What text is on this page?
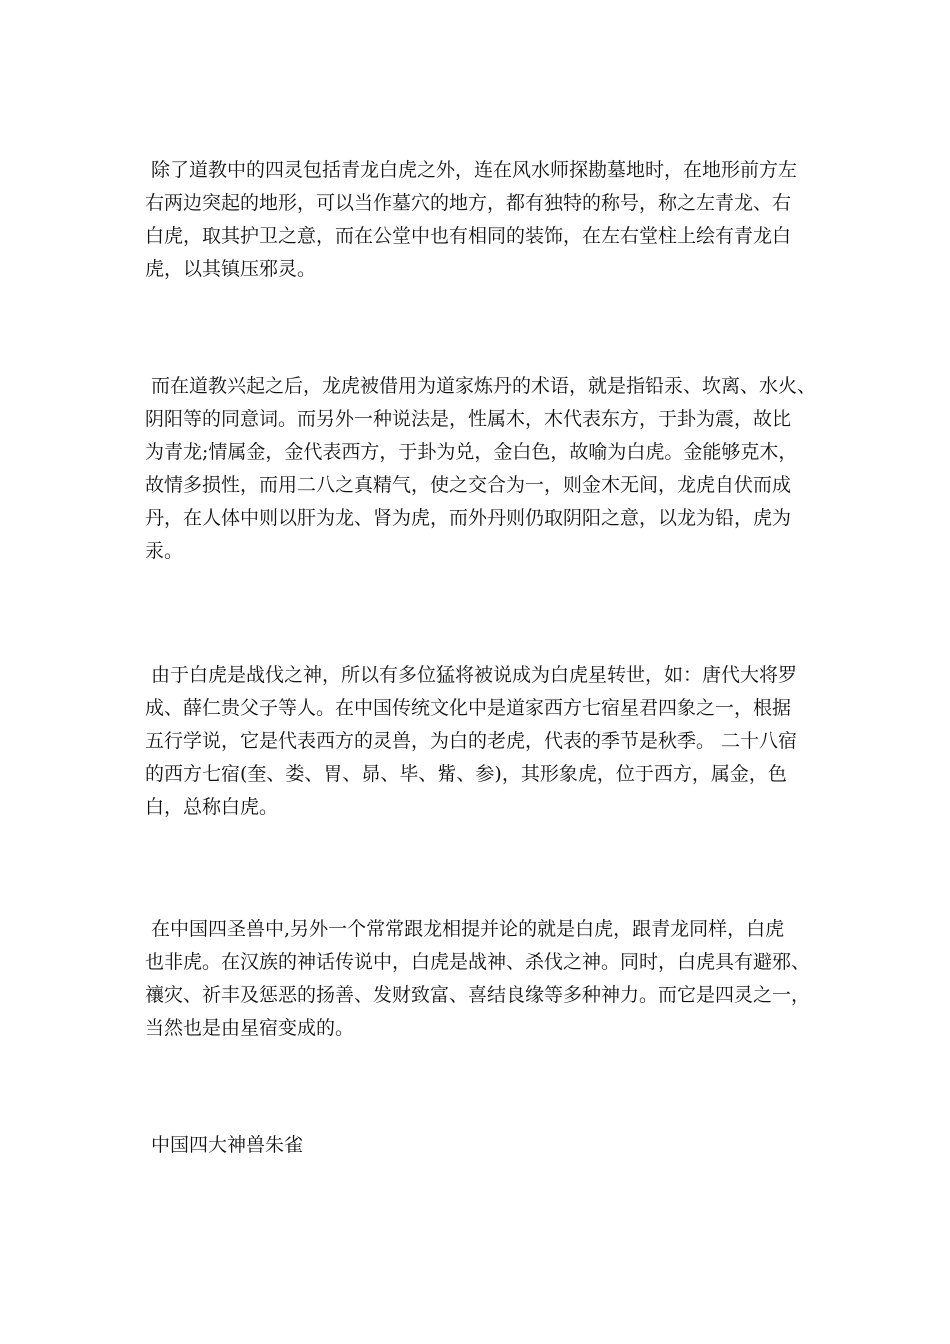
除了道教中的四灵包括青龙白虎之外，连在风水师探勘墓地时，在地形前方左
右两边突起的地形，可以当作墓穴的地方，都有独特的称号，称之左青龙、右
白虎，取其护卫之意，而在公堂中也有相同的装饰，在左右堂柱上绘有青龙白
虎，以其镇压邪灵。
而在道教兴起之后，龙虎被借用为道家炼丹的术语，就是指铅汞、坎离、水火、
阴阳等的同意词。而另外一种说法是，性属木，木代表东方，于卦为震，故比
为青龙;情属金，金代表西方，于卦为兑，金白色，故喻为白虎。金能够克木，
故情多损性，而用二八之真精气，使之交合为一，则金木无间，龙虎自伏而成
丹，在人体中则以肝为龙、肾为虎，而外丹则仍取阴阳之意，以龙为铅，虎为
汞。
由于白虎是战伐之神，所以有多位猛将被说成为白虎星转世，如：唐代大将罗
成、薛仁贵父子等人。在中国传统文化中是道家西方七宿星君四象之一，根据
五行学说，它是代表西方的灵兽，为白的老虎，代表的季节是秋季。 二十八宿
的西方七宿(奎、娄、胃、昴、毕、觜、参)，其形象虎，位于西方，属金，色
白，总称白虎。
在中国四圣兽中,另外一个常常跟龙相提并论的就是白虎，跟青龙同样，白虎
也非虎。在汉族的神话传说中，白虎是战神、杀伐之神。同时，白虎具有避邪、
禳灾、祈丰及惩恶的扬善、发财致富、喜结良缘等多种神力。而它是四灵之一，
当然也是由星宿变成的。
中国四大神兽朱雀
